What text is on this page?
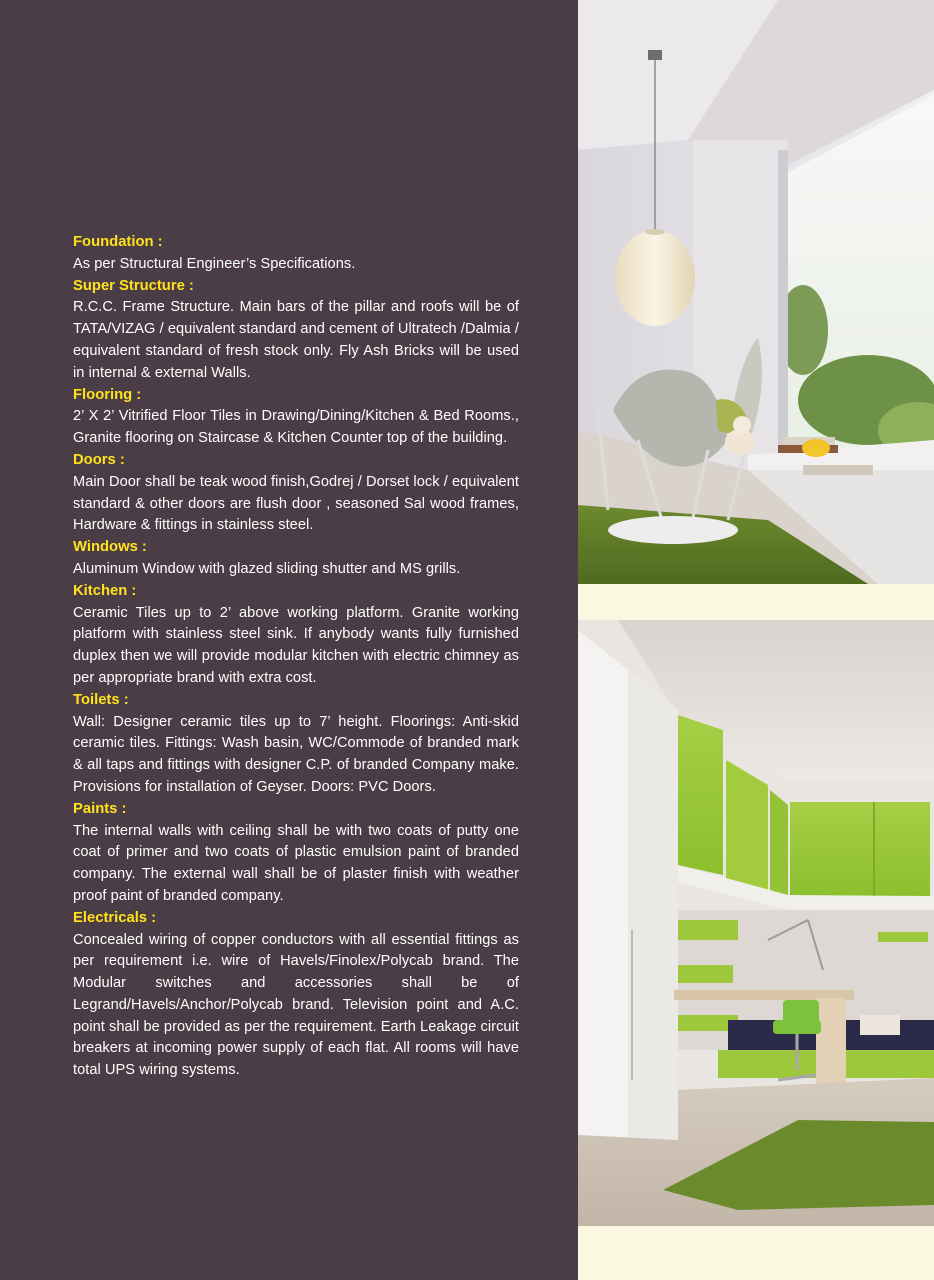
Foundation :
As per Structural Engineer’s Specifications.
Super Structure :
R.C.C. Frame Structure. Main bars of the pillar and roofs will be of TATA/VIZAG / equivalent standard and cement of Ultratech /Dalmia / equivalent standard of fresh stock only. Fly Ash Bricks will be used in internal & external Walls.
Flooring :
2’ X 2’ Vitrified Floor Tiles in Drawing/Dining/Kitchen & Bed Rooms., Granite flooring on Staircase & Kitchen Counter top of the building.
Doors :
Main Door shall be teak wood finish,Godrej / Dorset lock / equivalent standard & other doors are flush door , seasoned Sal wood frames, Hardware & fittings in stainless steel.
Windows :
Aluminum Window with glazed sliding shutter and MS grills.
Kitchen :
Ceramic Tiles up to 2’ above working platform. Granite working platform with stainless steel sink. If anybody wants fully furnished duplex then we will provide modular kitchen with electric chimney as per appropriate brand with extra cost.
Toilets :
Wall: Designer ceramic tiles up to 7’ height. Floorings: Anti-skid ceramic tiles. Fittings: Wash basin, WC/Commode of branded mark & all taps and fittings with designer C.P. of branded Company make. Provisions for installation of Geyser. Doors: PVC Doors.
Paints :
The internal walls with ceiling shall be with two coats of putty one coat of primer and two coats of plastic emulsion paint of branded company. The external wall shall be of plaster finish with weather proof paint of branded company.
Electricals :
Concealed wiring of copper conductors with all essential fittings as per requirement i.e. wire of Havels/Finolex/Polycab brand. The Modular switches and accessories shall be of Legrand/Havels/Anchor/Polycab brand. Television point and A.C. point shall be provided as per the requirement. Earth Leakage circuit breakers at incoming power supply of each flat. All rooms will have total UPS wiring systems.
